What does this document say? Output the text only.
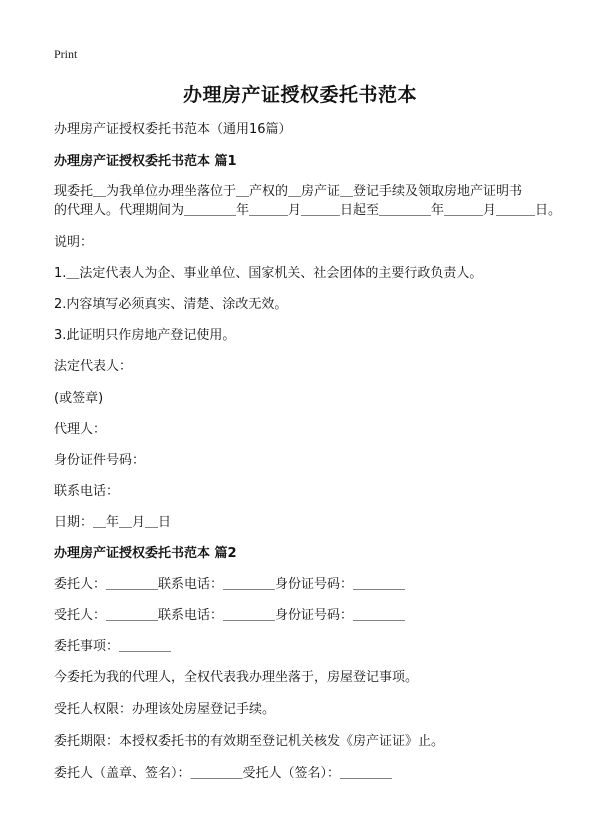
Print
办理房产证授权委托书范本
办理房产证授权委托书范本（通用16篇）
办理房产证授权委托书范本 篇1
现委托＿为我单位办理坐落位于＿产权的＿房产证＿登记手续及领取房地产证明书
的代理人。代理期间为＿＿＿＿年＿＿＿月＿＿＿日起至＿＿＿＿年＿＿＿月＿＿＿日。
说明：
1.＿法定代表人为企、事业单位、国家机关、社会团体的主要行政负责人。
2.内容填写必须真实、清楚、涂改无效。
3.此证明只作房地产登记使用。
法定代表人：
(或签章)
代理人：
身份证件号码：
联系电话：
日期：＿年＿月＿日
办理房产证授权委托书范本 篇2
委托人：＿＿＿＿联系电话：＿＿＿＿身份证号码：＿＿＿＿
受托人：＿＿＿＿联系电话：＿＿＿＿身份证号码：＿＿＿＿
委托事项：＿＿＿＿
今委托为我的代理人，全权代表我办理坐落于，房屋登记事项。
受托人权限：办理该处房屋登记手续。
委托期限：本授权委托书的有效期至登记机关核发《房产证证》止。
委托人（盖章、签名）：＿＿＿＿受托人（签名）：＿＿＿＿
